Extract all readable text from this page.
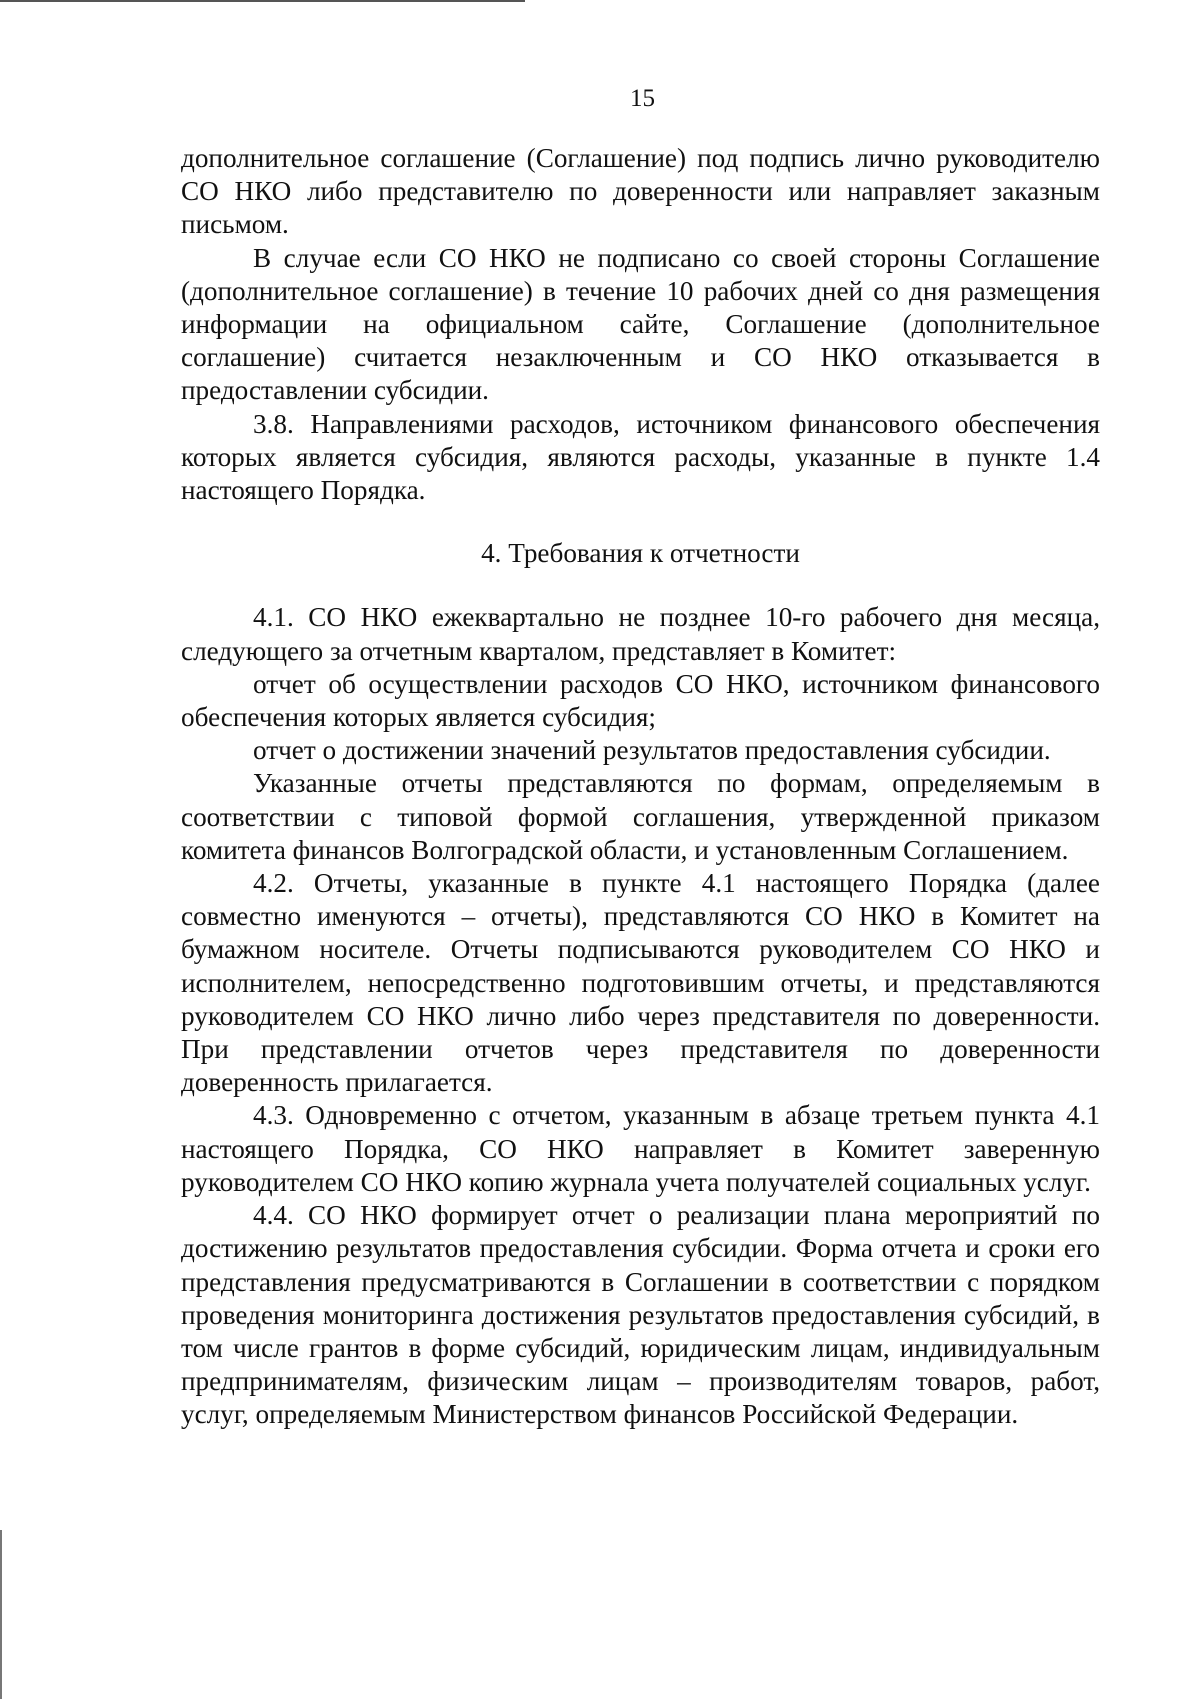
15

дополнительное соглашение (Соглашение) под подпись лично руководителю СО НКО либо представителю по доверенности или направляет заказным письмом.

В случае если СО НКО не подписано со своей стороны Соглашение (дополнительное соглашение) в течение 10 рабочих дней со дня размещения информации на официальном сайте, Соглашение (дополнительное соглашение) считается незаключенным и СО НКО отказывается в предоставлении субсидии.

3.8. Направлениями расходов, источником финансового обеспечения которых является субсидия, являются расходы, указанные в пункте 1.4 настоящего Порядка.

4. Требования к отчетности

4.1. СО НКО ежеквартально не позднее 10-го рабочего дня месяца, следующего за отчетным кварталом, представляет в Комитет:

отчет об осуществлении расходов СО НКО, источником финансового обеспечения которых является субсидия;

отчет о достижении значений результатов предоставления субсидии.

Указанные отчеты представляются по формам, определяемым в соответствии с типовой формой соглашения, утвержденной приказом комитета финансов Волгоградской области, и установленным Соглашением.

4.2. Отчеты, указанные в пункте 4.1 настоящего Порядка (далее совместно именуются – отчеты), представляются СО НКО в Комитет на бумажном носителе. Отчеты подписываются руководителем СО НКО и исполнителем, непосредственно подготовившим отчеты, и представляются руководителем СО НКО лично либо через представителя по доверенности. При представлении отчетов через представителя по доверенности доверенность прилагается.

4.3. Одновременно с отчетом, указанным в абзаце третьем пункта 4.1 настоящего Порядка, СО НКО направляет в Комитет заверенную руководителем СО НКО копию журнала учета получателей социальных услуг.

4.4. СО НКО формирует отчет о реализации плана мероприятий по достижению результатов предоставления субсидии. Форма отчета и сроки его представления предусматриваются в Соглашении в соответствии с порядком проведения мониторинга достижения результатов предоставления субсидий, в том числе грантов в форме субсидий, юридическим лицам, индивидуальным предпринимателям, физическим лицам – производителям товаров, работ, услуг, определяемым Министерством финансов Российской Федерации.
